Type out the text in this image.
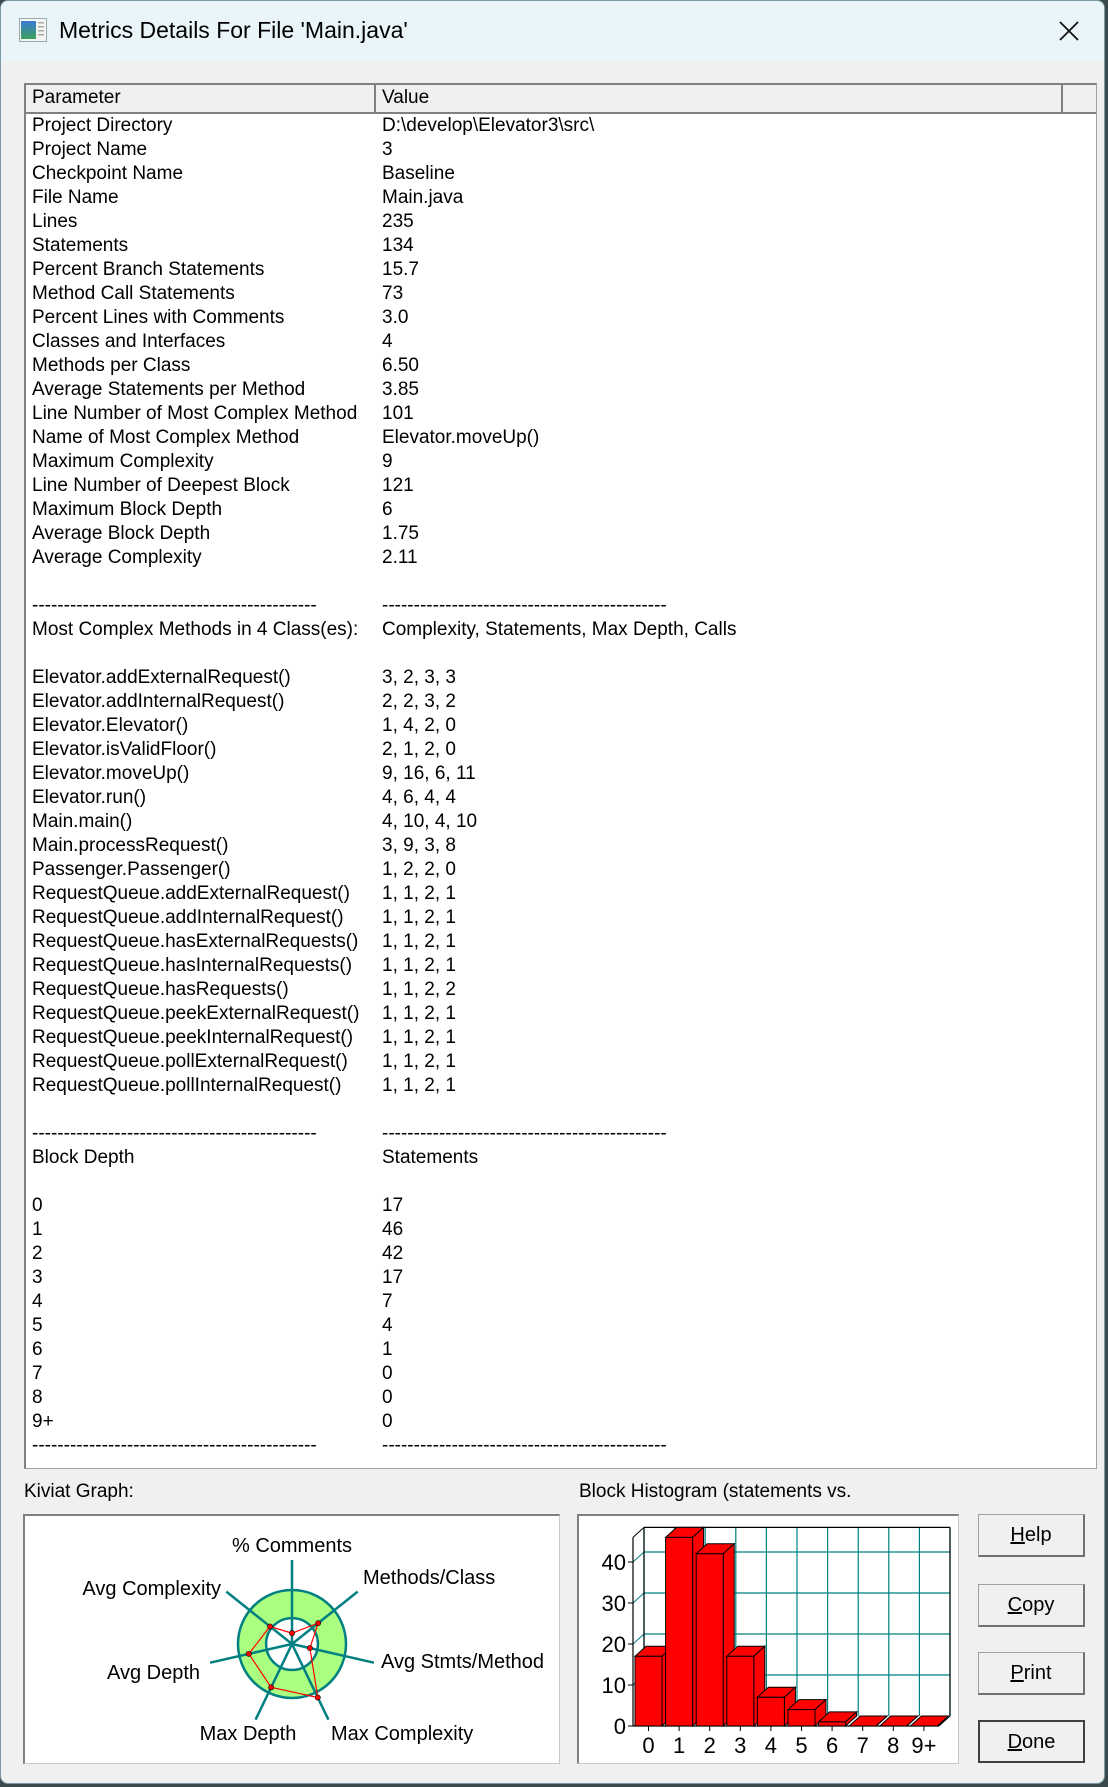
Metrics Details For File 'Main.java'
Parameter	Value
Project Directory	D:\develop\Elevator3\src\
Project Name	3
Checkpoint Name	Baseline
File Name	Main.java
Lines	235
Statements	134
Percent Branch Statements	15.7
Method Call Statements	73
Percent Lines with Comments	3.0
Classes and Interfaces	4
Methods per Class	6.50
Average Statements per Method	3.85
Line Number of Most Complex Method 101
Name of Most Complex Method	Elevator.moveUp()
Maximum Complexity	9
Line Number of Deepest Block	121
Maximum Block Depth	6
Average Block Depth	1.75
Average Complexity	2.11
---------------------------------------------	---------------------------------------------
Most Complex Methods in 4 Class(es): Complexity, Statements, Max Depth, Calls
Elevator.addExternalRequest()	3, 2, 3, 3
Elevator.addInternalRequest()	2, 2, 3, 2
Elevator.Elevator()	1, 4, 2, 0
Elevator.isValidFloor()	2, 1, 2, 0
Elevator.moveUp()	9, 16, 6, 11
Elevator.run()	4, 6, 4, 4
Main.main()	4, 10, 4, 10
Main.processRequest()	3, 9, 3, 8
Passenger.Passenger()	1, 2, 2, 0
RequestQueue.addExternalRequest() 1, 1, 2, 1
RequestQueue.addInternalRequest() 1, 1, 2, 1
RequestQueue.hasExternalRequests() 1, 1, 2, 1
RequestQueue.hasInternalRequests() 1, 1, 2, 1
RequestQueue.hasRequests()	1, 1, 2, 2
RequestQueue.peekExternalRequest() 1, 1, 2, 1
RequestQueue.peekInternalRequest() 1, 1, 2, 1
RequestQueue.pollExternalRequest() 1, 1, 2, 1
RequestQueue.pollInternalRequest() 1, 1, 2, 1
---------------------------------------------	---------------------------------------------
Block Depth	Statements
0	17
1	46
2	42
3	17
4	7
5	4
6	1
7	0
8	0
9+	0
---------------------------------------------	---------------------------------------------
Kiviat Graph:	Block Histogram (statements vs.
% Comments
Methods/Class
Avg Stmts/Method
Max Complexity
Max Depth
Avg Depth
Avg Complexity
0
10
20
30
40
0 1 2 3 4 5 6 7 8 9+
Help
Copy
Print
Done
